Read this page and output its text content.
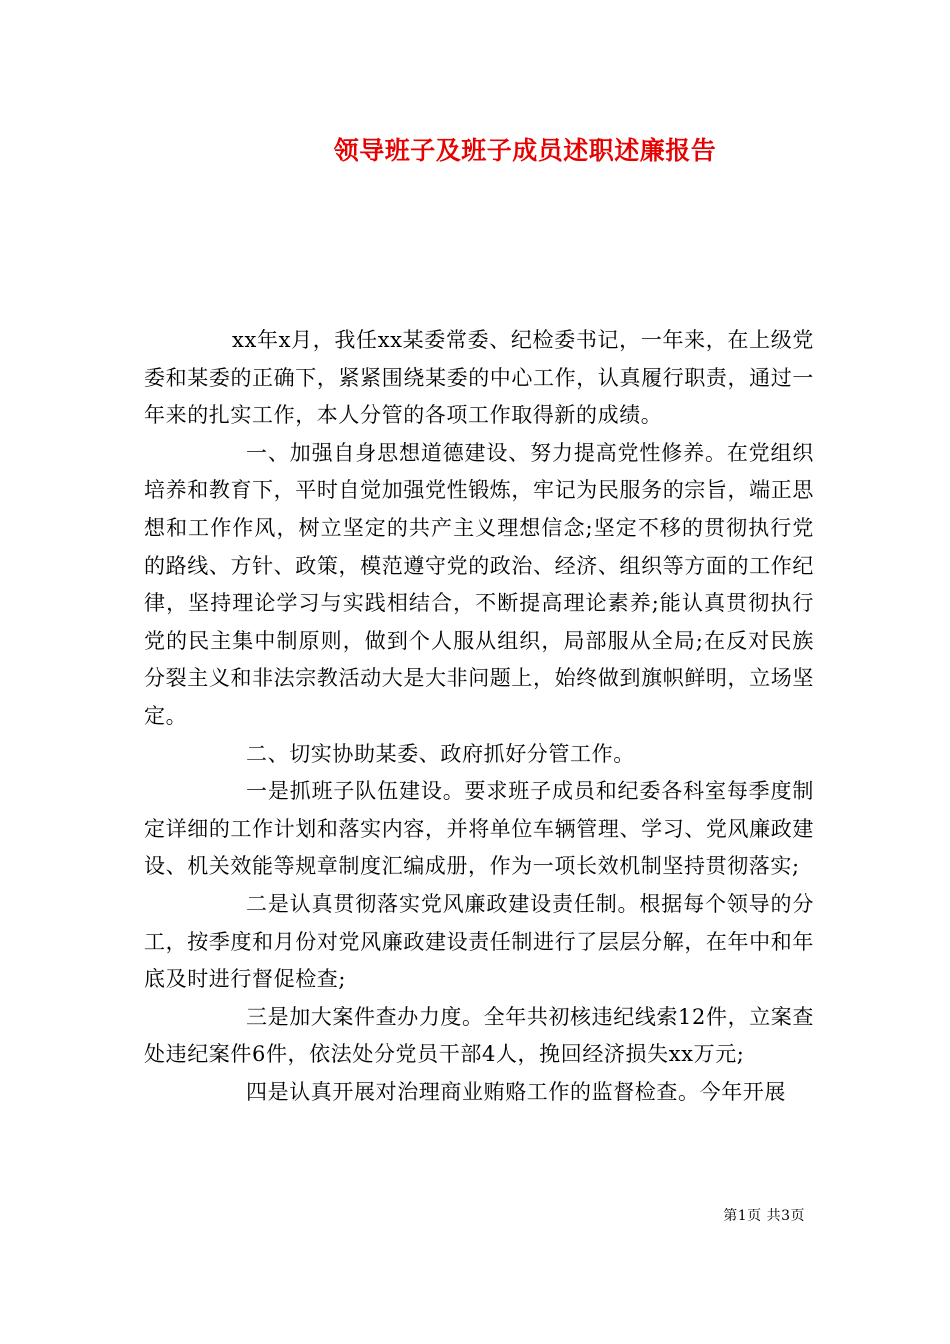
领导班子及班子成员述职述廉报告

xx年x月，我任xx某委常委、纪检委书记，一年来，在上级党委和某委的正确下，紧紧围绕某委的中心工作，认真履行职责，通过一年来的扎实工作，本人分管的各项工作取得新的成绩。

一、加强自身思想道德建设、努力提高党性修养。在党组织培养和教育下，平时自觉加强党性锻炼，牢记为民服务的宗旨，端正思想和工作作风，树立坚定的共产主义理想信念;坚定不移的贯彻执行党的路线、方针、政策，模范遵守党的政治、经济、组织等方面的工作纪律，坚持理论学习与实践相结合，不断提高理论素养;能认真贯彻执行党的民主集中制原则，做到个人服从组织，局部服从全局;在反对民族分裂主义和非法宗教活动大是大非问题上，始终做到旗帜鲜明，立场坚定。

二、切实协助某委、政府抓好分管工作。

一是抓班子队伍建设。要求班子成员和纪委各科室每季度制定详细的工作计划和落实内容，并将单位车辆管理、学习、党风廉政建设、机关效能等规章制度汇编成册，作为一项长效机制坚持贯彻落实;

二是认真贯彻落实党风廉政建设责任制。根据每个领导的分工，按季度和月份对党风廉政建设责任制进行了层层分解，在年中和年底及时进行督促检查;

三是加大案件查办力度。全年共初核违纪线索12件，立案查处违纪案件6件，依法处分党员干部4人，挽回经济损失xx万元;

四是认真开展对治理商业贿赂工作的监督检查。今年开展

第1页 共3页
